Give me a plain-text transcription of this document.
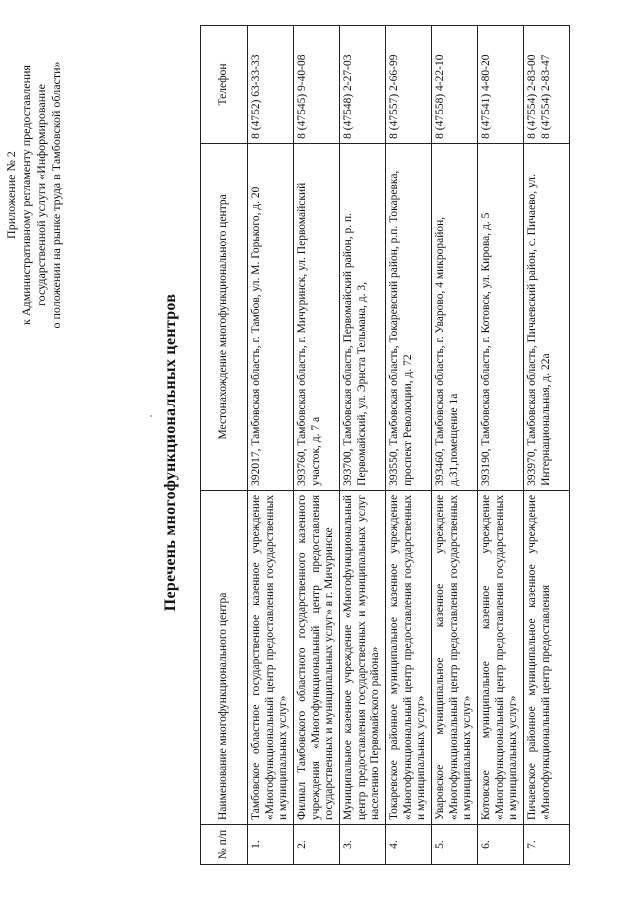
Приложение № 2 к Административному регламенту предоставления государственной услуги «Информирование о положении на рынке труда в Тамбовской области»
Перечень многофункциональных центров
№ п/п	Наименование многофункционального центра	Местонахождение многофункционального центра	Телефон
1.	Тамбовское областное государственное казенное учреждение «Многофункциональный центр предоставления государственных и муниципальных услуг»	392017, Тамбовская область, г. Тамбов, ул. М. Горького, д. 20	8 (4752) 63-33-33
2.	Филиал Тамбовского областного государственного казенного учреждения «Многофункциональный центр предоставления государственных и муниципальных услуг» в г. Мичуринске	393760, Тамбовская область, г. Мичуринск, ул. Первомайский участок, д. 7 а	8 (47545) 9-40-08
3.	Муниципальное казенное учреждение «Многофункциональный центр предоставления государственных и муниципальных услуг населению Первомайского района»	393700, Тамбовская область, Первомайский район, р. п. Первомайский, ул. Эрнста Тельмана, д. 3,	8 (47548) 2-27-03
4.	Токаревское районное муниципальное казенное учреждение «Многофункциональный центр предоставления государственных и муниципальных услуг»	393550, Тамбовская область, Токаревский район, р.п. Токаревка, проспект Революции, д. 72	8 (47557) 2-66-99
5.	Уваровское муниципальное казенное учреждение «Многофункциональный центр предоставления государственных и муниципальных услуг»	393460, Тамбовская область, г. Уварово, 4 микрорайон, д.31,помещение 1а	8 (47558) 4-22-10
6.	Котовское муниципальное казенное учреждение «Многофункциональный центр предоставления государственных и муниципальных услуг»	393190, Тамбовская область, г. Котовск, ул. Кирова, д. 5	8 (47541) 4-80-20
7.	Пичаевское районное муниципальное казенное учреждение «Многофункциональный центр предоставления	393970, Тамбовская область, Пичаевский район, с. Пичаево, ул. Интернациональная, д. 22а	8 (47554) 2-83-00
8 (47554) 2-83-47
